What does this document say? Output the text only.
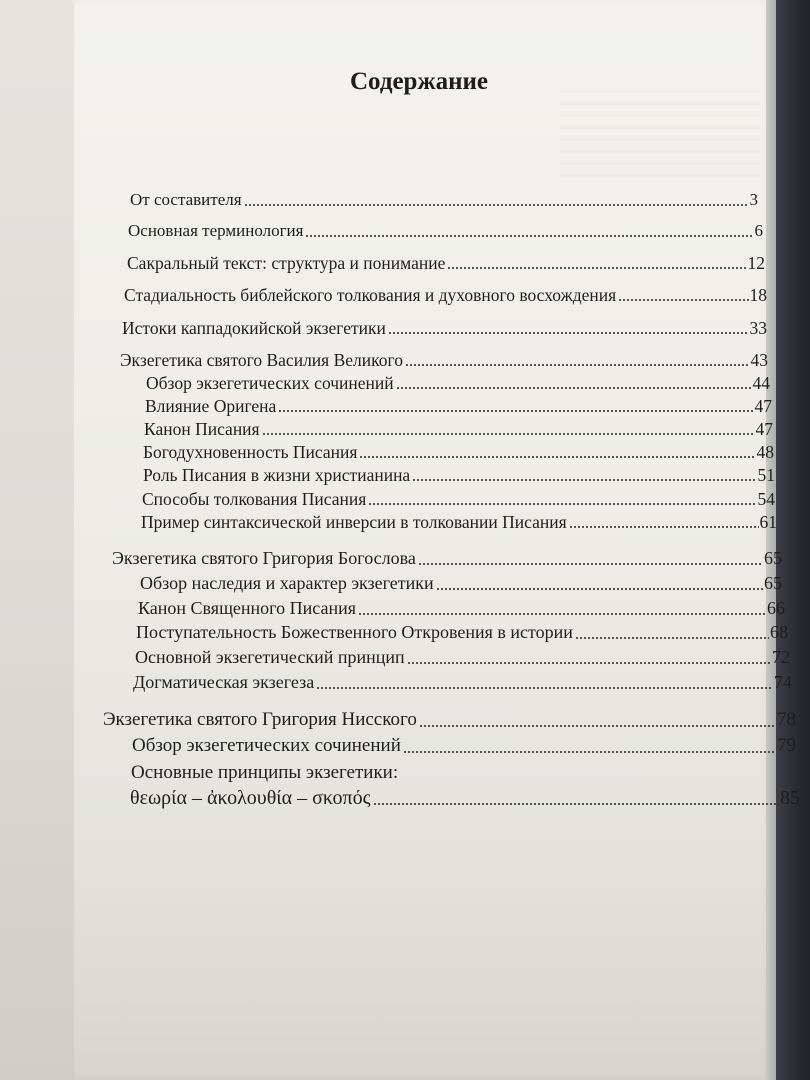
Содержание
От составителя	3
Основная терминология	6
Сакральный текст: структура и понимание	12
Стадиальность библейского толкования и духовного восхождения	18
Истоки каппадокийской экзегетики	33
Экзегетика святого Василия Великого	43
Обзор экзегетических сочинений	44
Влияние Оригена	47
Канон Писания	47
Богодухновенность Писания	48
Роль Писания в жизни христианина	51
Способы толкования Писания	54
Пример синтаксической инверсии в толковании Писания	61
Экзегетика святого Григория Богослова	65
Обзор наследия и характер экзегетики	65
Канон Священного Писания	66
Поступательность Божественного Откровения в истории	68
Основной экзегетический принцип	72
Догматическая экзегеза	74
Экзегетика святого Григория Нисского	78
Обзор экзегетических сочинений	79
Основные принципы экзегетики:
θεωρία – ἀκολουθία – σκοπός	85
